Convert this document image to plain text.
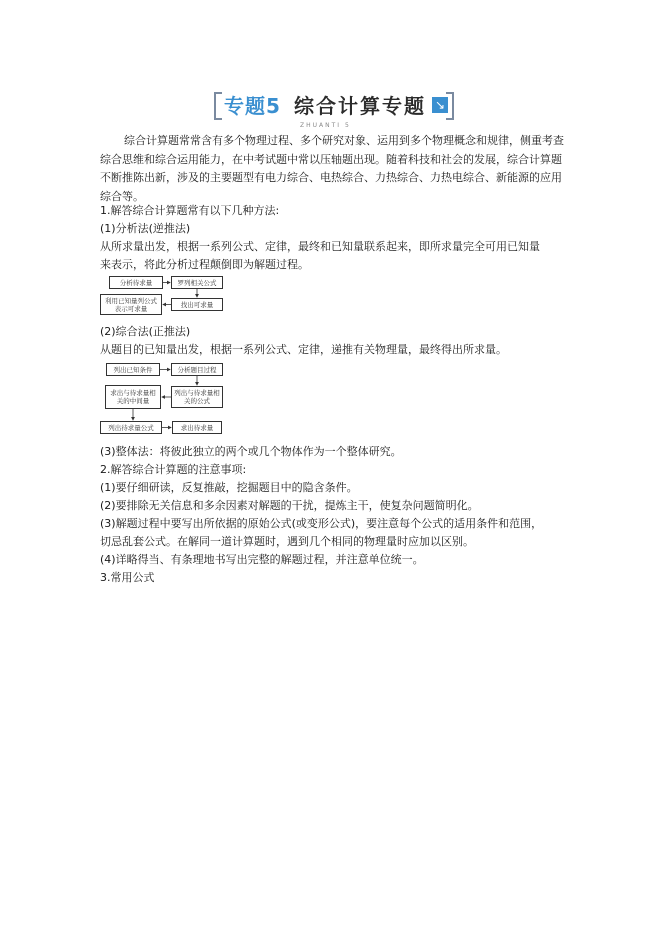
专题5 综合计算专题 ↘
ZHUANTI 5
综合计算题常常含有多个物理过程、多个研究对象、运用到多个物理概念和规律，侧重考查综合思维和综合运用能力，在中考试题中常以压轴题出现。随着科技和社会的发展，综合计算题不断推陈出新，涉及的主要题型有电力综合、电热综合、力热综合、力热电综合、新能源的应用综合等。
1.解答综合计算题常有以下几种方法:
(1)分析法(逆推法)
从所求量出发，根据一系列公式、定律，最终和已知量联系起来，即所求量完全可用已知量
来表示，将此分析过程颠倒即为解题过程。
分析待求量	罗列相关公式
找出可求量
利用已知量列公式表示可求量
(2)综合法(正推法)
从题目的已知量出发，根据一系列公式、定律，递推有关物理量，最终得出所求量。
列出已知条件	分析题目过程
列出与待求量相关的公式
求出与待求量相关的中间量
列出待求量公式	求出待求量
(3)整体法：将彼此独立的两个或几个物体作为一个整体研究。
2.解答综合计算题的注意事项:
(1)要仔细研读，反复推敲，挖掘题目中的隐含条件。
(2)要排除无关信息和多余因素对解题的干扰，提炼主干，使复杂问题简明化。
(3)解题过程中要写出所依据的原始公式(或变形公式)，要注意每个公式的适用条件和范围，
切忌乱套公式。在解同一道计算题时，遇到几个相同的物理量时应加以区别。
(4)详略得当、有条理地书写出完整的解题过程，并注意单位统一。
3.常用公式
